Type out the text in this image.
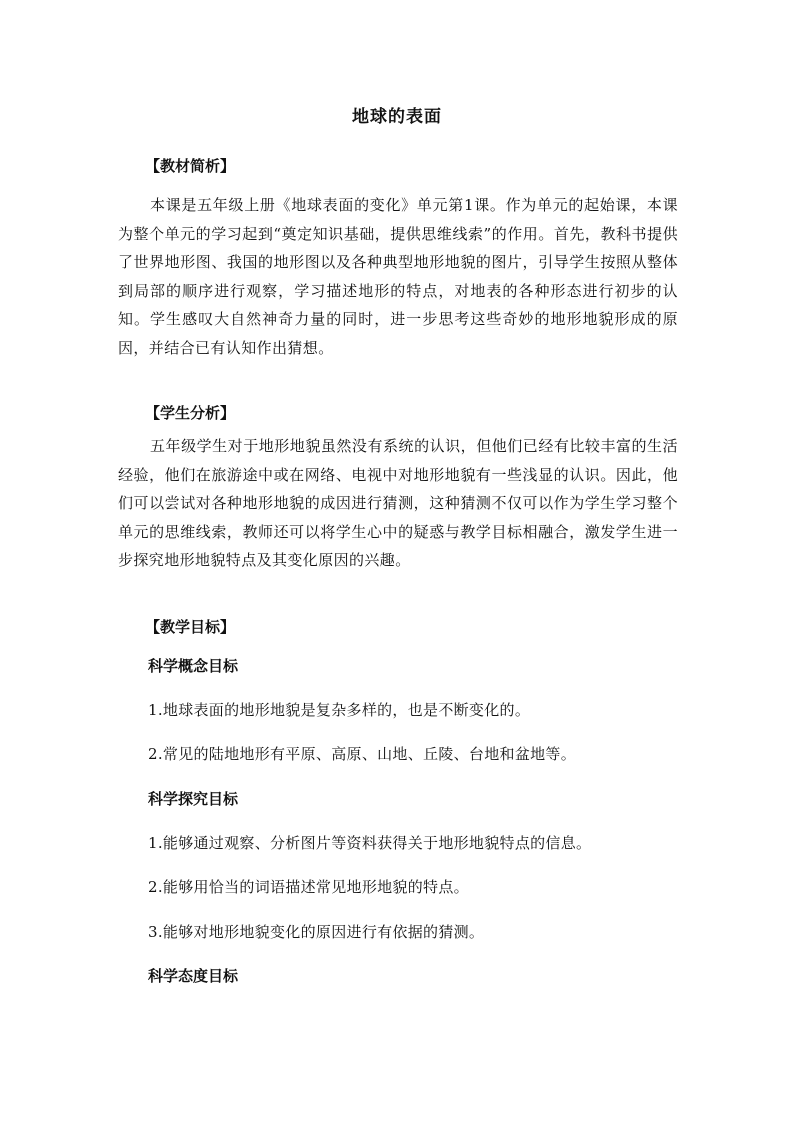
地球的表面
【教材简析】
本课是五年级上册《地球表面的变化》单元第1课。作为单元的起始课，本课为整个单元的学习起到“奠定知识基础，提供思维线索”的作用。首先，教科书提供了世界地形图、我国的地形图以及各种典型地形地貌的图片，引导学生按照从整体到局部的顺序进行观察，学习描述地形的特点，对地表的各种形态进行初步的认知。学生感叹大自然神奇力量的同时，进一步思考这些奇妙的地形地貌形成的原因，并结合已有认知作出猜想。
【学生分析】
五年级学生对于地形地貌虽然没有系统的认识，但他们已经有比较丰富的生活经验，他们在旅游途中或在网络、电视中对地形地貌有一些浅显的认识。因此，他们可以尝试对各种地形地貌的成因进行猜测，这种猜测不仅可以作为学生学习整个单元的思维线索，教师还可以将学生心中的疑惑与教学目标相融合，激发学生进一步探究地形地貌特点及其变化原因的兴趣。
【教学目标】
科学概念目标
1.地球表面的地形地貌是复杂多样的，也是不断变化的。
2.常见的陆地地形有平原、高原、山地、丘陵、台地和盆地等。
科学探究目标
1.能够通过观察、分析图片等资料获得关于地形地貌特点的信息。
2.能够用恰当的词语描述常见地形地貌的特点。
3.能够对地形地貌变化的原因进行有依据的猜测。
科学态度目标
